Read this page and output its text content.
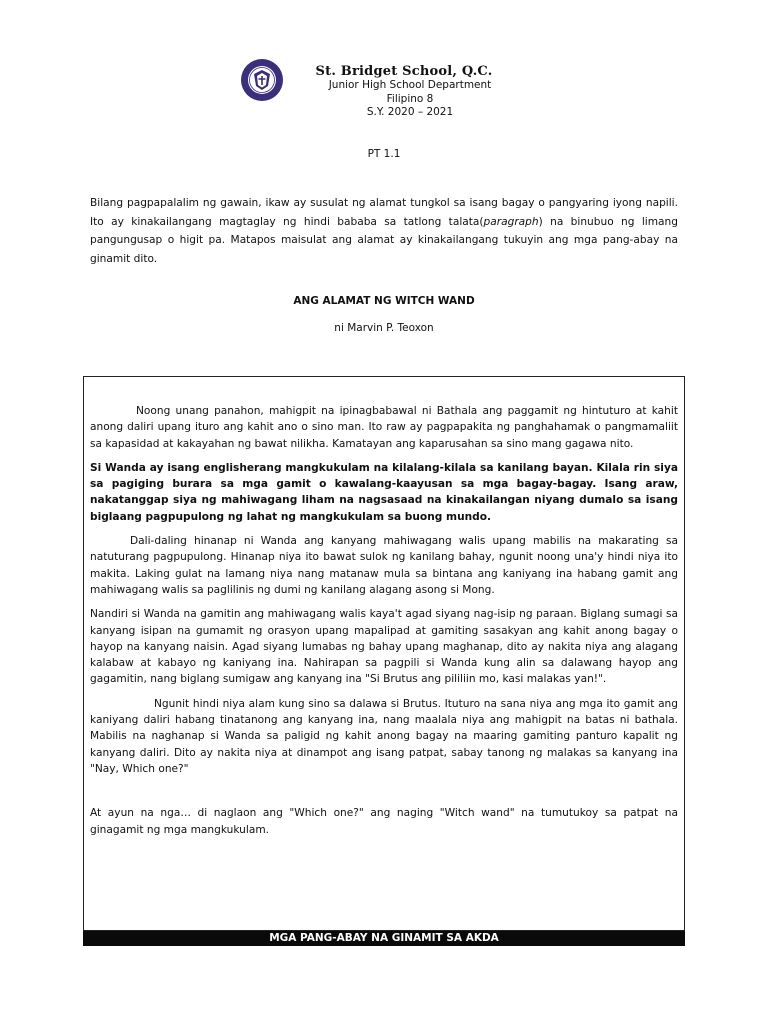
St. Bridget School, Q.C.
Junior High School Department
Filipino 8
S.Y. 2020 – 2021
PT 1.1
Bilang pagpapalalim ng gawain, ikaw ay susulat ng alamat tungkol sa isang bagay o pangyaring iyong napili. Ito ay kinakailangang magtaglay ng hindi bababa sa tatlong talata(paragraph) na binubuo ng limang pangungusap o higit pa. Matapos maisulat ang alamat ay kinakailangang tukuyin ang mga pang-abay na ginamit dito.
ANG ALAMAT NG WITCH WAND
ni Marvin P. Teoxon

Noong unang panahon, mahigpit na ipinagbabawal ni Bathala ang paggamit ng hintuturo at kahit anong daliri upang ituro ang kahit ano o sino man. Ito raw ay pagpapakita ng panghahamak o pangmamaliit sa kapasidad at kakayahan ng bawat nilikha. Kamatayan ang kaparusahan sa sino mang gagawa nito.

Si Wanda ay isang englisherang mangkukulam na kilalang-kilala sa kanilang bayan. Kilala rin siya sa pagiging burara sa mga gamit o kawalang-kaayusan sa mga bagay-bagay. Isang araw, nakatanggap siya ng mahiwagang liham na nagsasaad na kinakailangan niyang dumalo sa isang biglaang pagpupulong ng lahat ng mangkukulam sa buong mundo.

Dali-daling hinanap ni Wanda ang kanyang mahiwagang walis upang mabilis na makarating sa natuturang pagpupulong. Hinanap niya ito bawat sulok ng kanilang bahay, ngunit noong una'y hindi niya ito makita. Laking gulat na lamang niya nang matanaw mula sa bintana ang kaniyang ina habang gamit ang mahiwagang walis sa paglilinis ng dumi ng kanilang alagang asong si Mong.

Nandiri si Wanda na gamitin ang mahiwagang walis kaya't agad siyang nag-isip ng paraan. Biglang sumagi sa kanyang isipan na gumamit ng orasyon upang mapalipad at gamiting sasakyan ang kahit anong bagay o hayop na kanyang naisin. Agad siyang lumabas ng bahay upang maghanap, dito ay nakita niya ang alagang kalabaw at kabayo ng kaniyang ina. Nahirapan sa pagpili si Wanda kung alin sa dalawang hayop ang gagamitin, nang biglang sumigaw ang kanyang ina "Si Brutus ang pililiin mo, kasi malakas yan!".

Ngunit hindi niya alam kung sino sa dalawa si Brutus. Ituturo na sana niya ang mga ito gamit ang kaniyang daliri habang tinatanong ang kanyang ina, nang maalala niya ang mahigpit na batas ni bathala. Mabilis na naghanap si Wanda sa paligid ng kahit anong bagay na maaring gamiting panturo kapalit ng kanyang daliri. Dito ay nakita niya at dinampot ang isang patpat, sabay tanong ng malakas sa kanyang ina "Nay, Which one?"

At ayun na nga… di naglaon ang "Which one?" ang naging "Witch wand" na tumutukoy sa patpat na ginagamit ng mga mangkukulam.

MGA PANG-ABAY NA GINAMIT SA AKDA
